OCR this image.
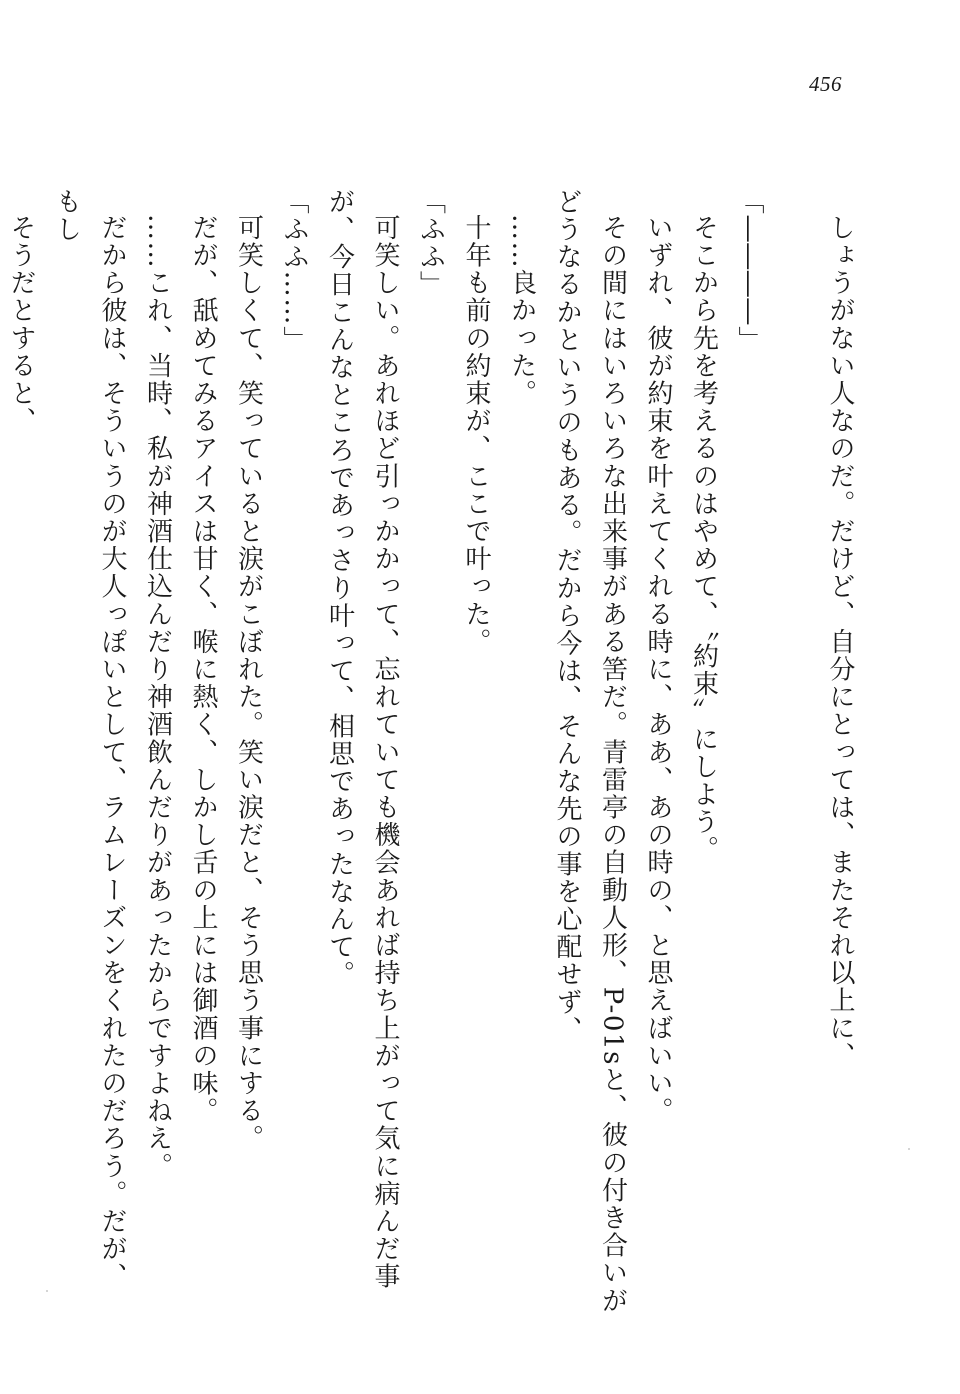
456

しょうがない人なのだ。だけど、自分にとっては、またそれ以上に、

「――――」

そこから先を考えるのはやめて、〝約束〟にしよう。

いずれ、彼が約束を叶えてくれる時に、ああ、あの時の、と思えばいい。

その間にはいろいろな出来事がある筈だ。青雷亭の自動人形、P-01sと、彼の付き合いがどうなるかというのもある。だから今は、そんな先の事を心配せず、

……良かった。

十年も前の約束が、ここで叶った。

「ふふ」

可笑しい。あれほど引っかかって、忘れていても機会あれば持ち上がって気に病んだ事が、今日こんなところであっさり叶って、相思であったなんて。

「ふふ……」

可笑しくて、笑っていると涙がこぼれた。笑い涙だと、そう思う事にする。

だが、舐めてみるアイスは甘く、喉に熱く、しかし舌の上には御酒の味。

……これ、当時、私が神酒仕込んだり神酒飲んだりがあったからですよねえ。

だから彼は、そういうのが大人っぽいとして、ラムレーズンをくれたのだろう。だが、もし

そうだとすると、
